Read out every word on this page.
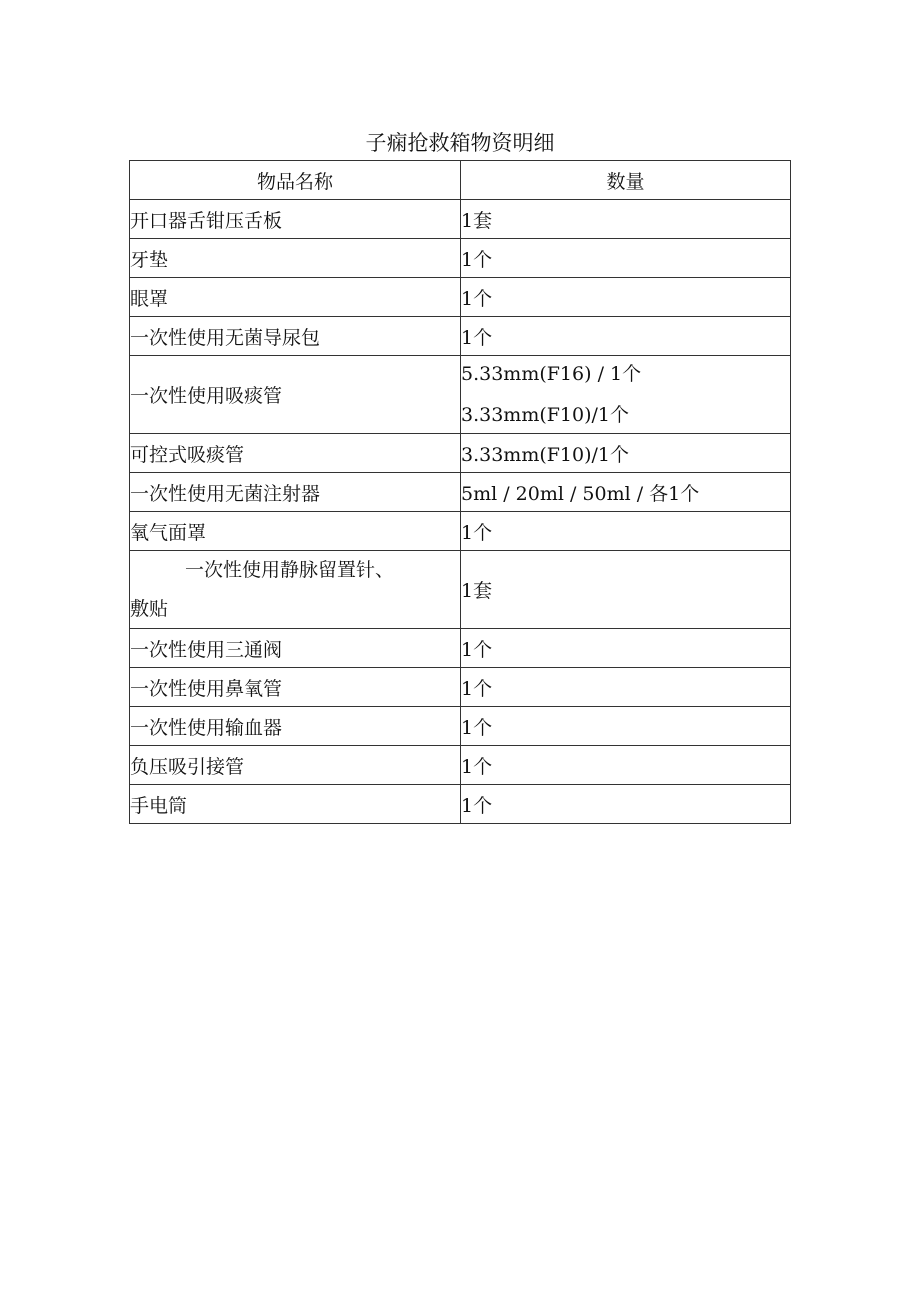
子痫抢救箱物资明细
物品名称	数量
开口器舌钳压舌板	1套
牙垫	1个
眼罩	1个
一次性使用无菌导尿包	1个
一次性使用吸痰管	5.33mm(F16) / 1个
3.33mm(F10)/1个

可控式吸痰管	3.33mm(F10)/1个
一次性使用无菌注射器	5ml / 20ml / 50ml / 各1个
氧气面罩	1个

一次性使用静脉留置针、
敷贴	1套
一次性使用三通阀	1个
一次性使用鼻氧管	1个
一次性使用输血器	1个
负压吸引接管	1个
手电筒	1个
